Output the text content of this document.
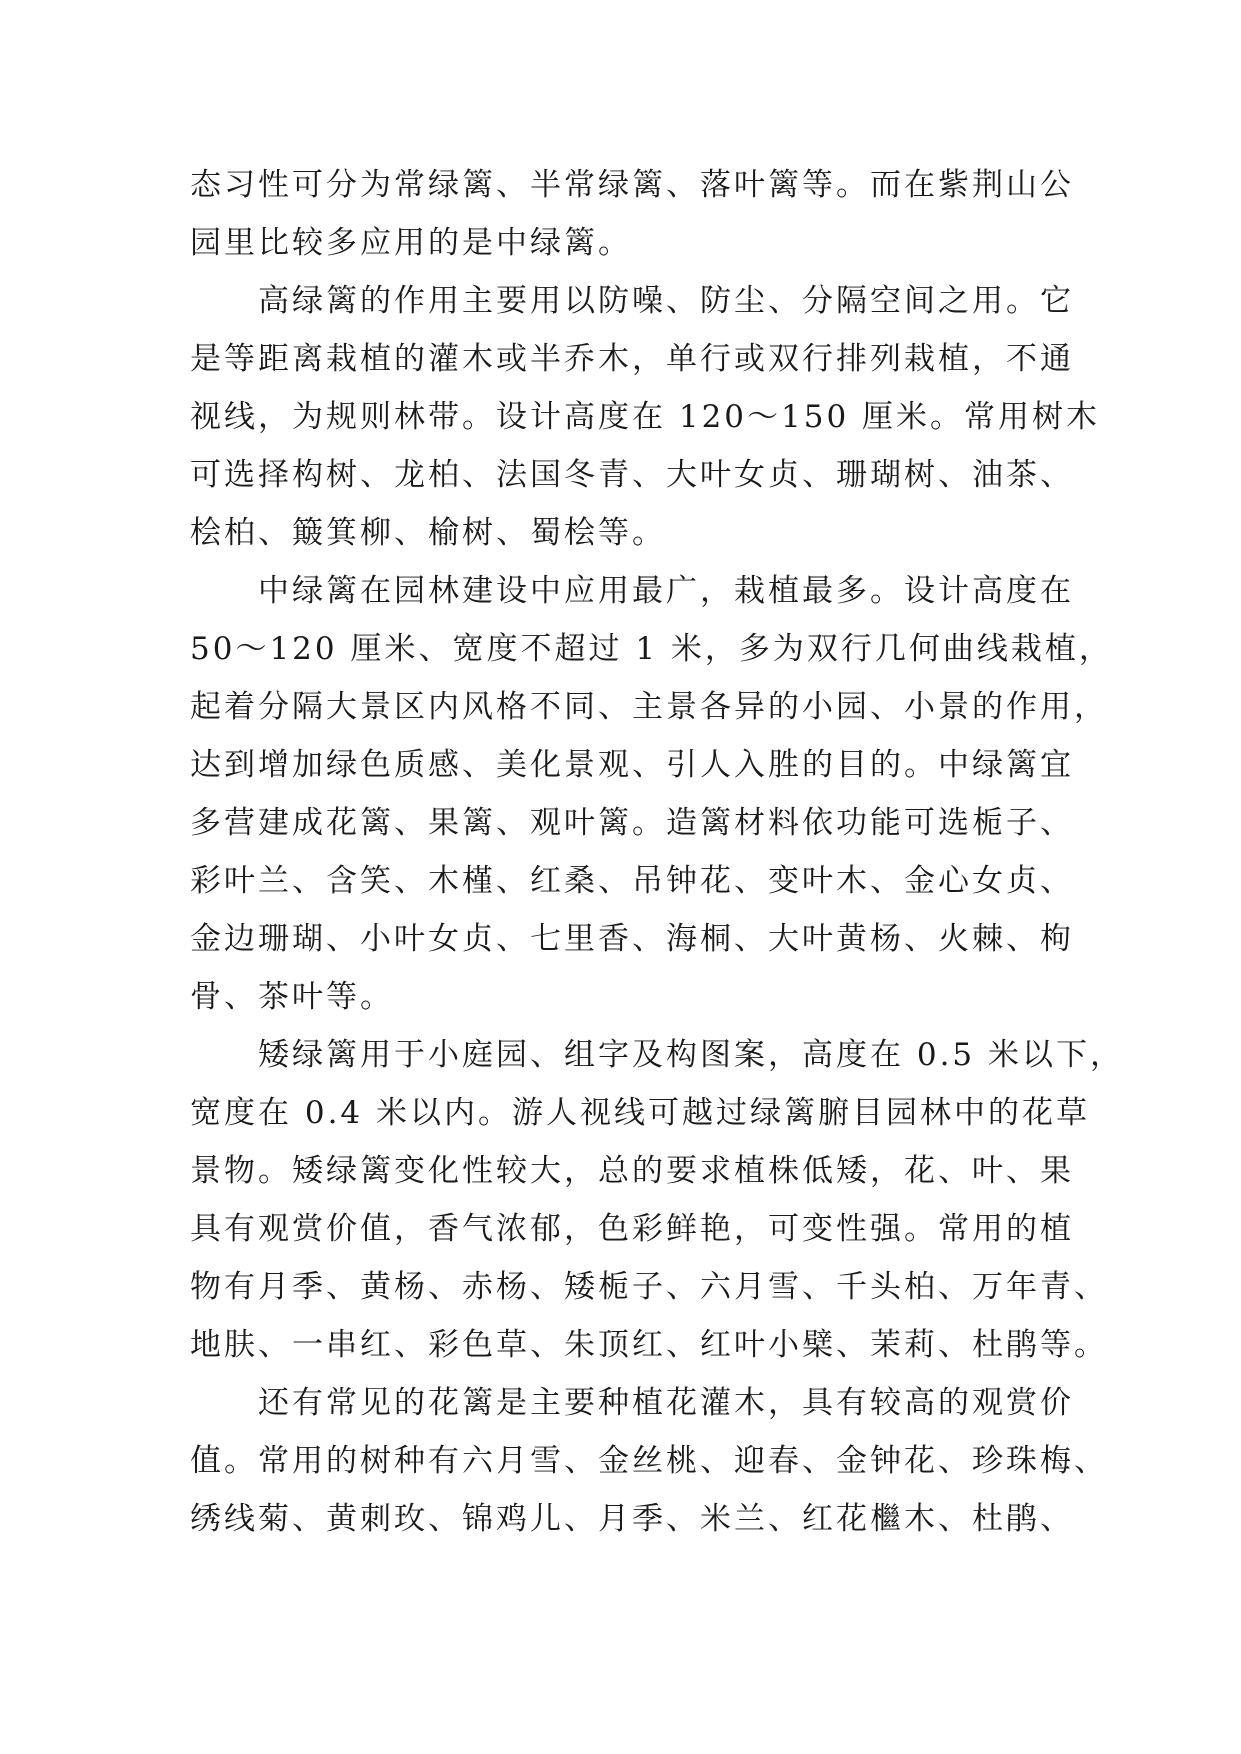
态习性可分为常绿篱、半常绿篱、落叶篱等。而在紫荆山公
园里比较多应用的是中绿篱。
　　高绿篱的作用主要用以防噪、防尘、分隔空间之用。它
是等距离栽植的灌木或半乔木，单行或双行排列栽植，不通
视线，为规则林带。设计高度在 120～150 厘米。常用树木
可选择构树、龙柏、法国冬青、大叶女贞、珊瑚树、油茶、
桧柏、簸箕柳、榆树、蜀桧等。
　　中绿篱在园林建设中应用最广，栽植最多。设计高度在
50～120 厘米、宽度不超过 1 米，多为双行几何曲线栽植，
起着分隔大景区内风格不同、主景各异的小园、小景的作用，
达到增加绿色质感、美化景观、引人入胜的目的。中绿篱宜
多营建成花篱、果篱、观叶篱。造篱材料依功能可选栀子、
彩叶兰、含笑、木槿、红桑、吊钟花、变叶木、金心女贞、
金边珊瑚、小叶女贞、七里香、海桐、大叶黄杨、火棘、枸
骨、茶叶等。
　　矮绿篱用于小庭园、组字及构图案，高度在 0.5 米以下，
宽度在 0.4 米以内。游人视线可越过绿篱腑目园林中的花草
景物。矮绿篱变化性较大，总的要求植株低矮，花、叶、果
具有观赏价值，香气浓郁，色彩鲜艳，可变性强。常用的植
物有月季、黄杨、赤杨、矮栀子、六月雪、千头柏、万年青、
地肤、一串红、彩色草、朱顶红、红叶小檗、茉莉、杜鹃等。
　　还有常见的花篱是主要种植花灌木，具有较高的观赏价
值。常用的树种有六月雪、金丝桃、迎春、金钟花、珍珠梅、
绣线菊、黄刺玫、锦鸡儿、月季、米兰、红花檵木、杜鹃、
